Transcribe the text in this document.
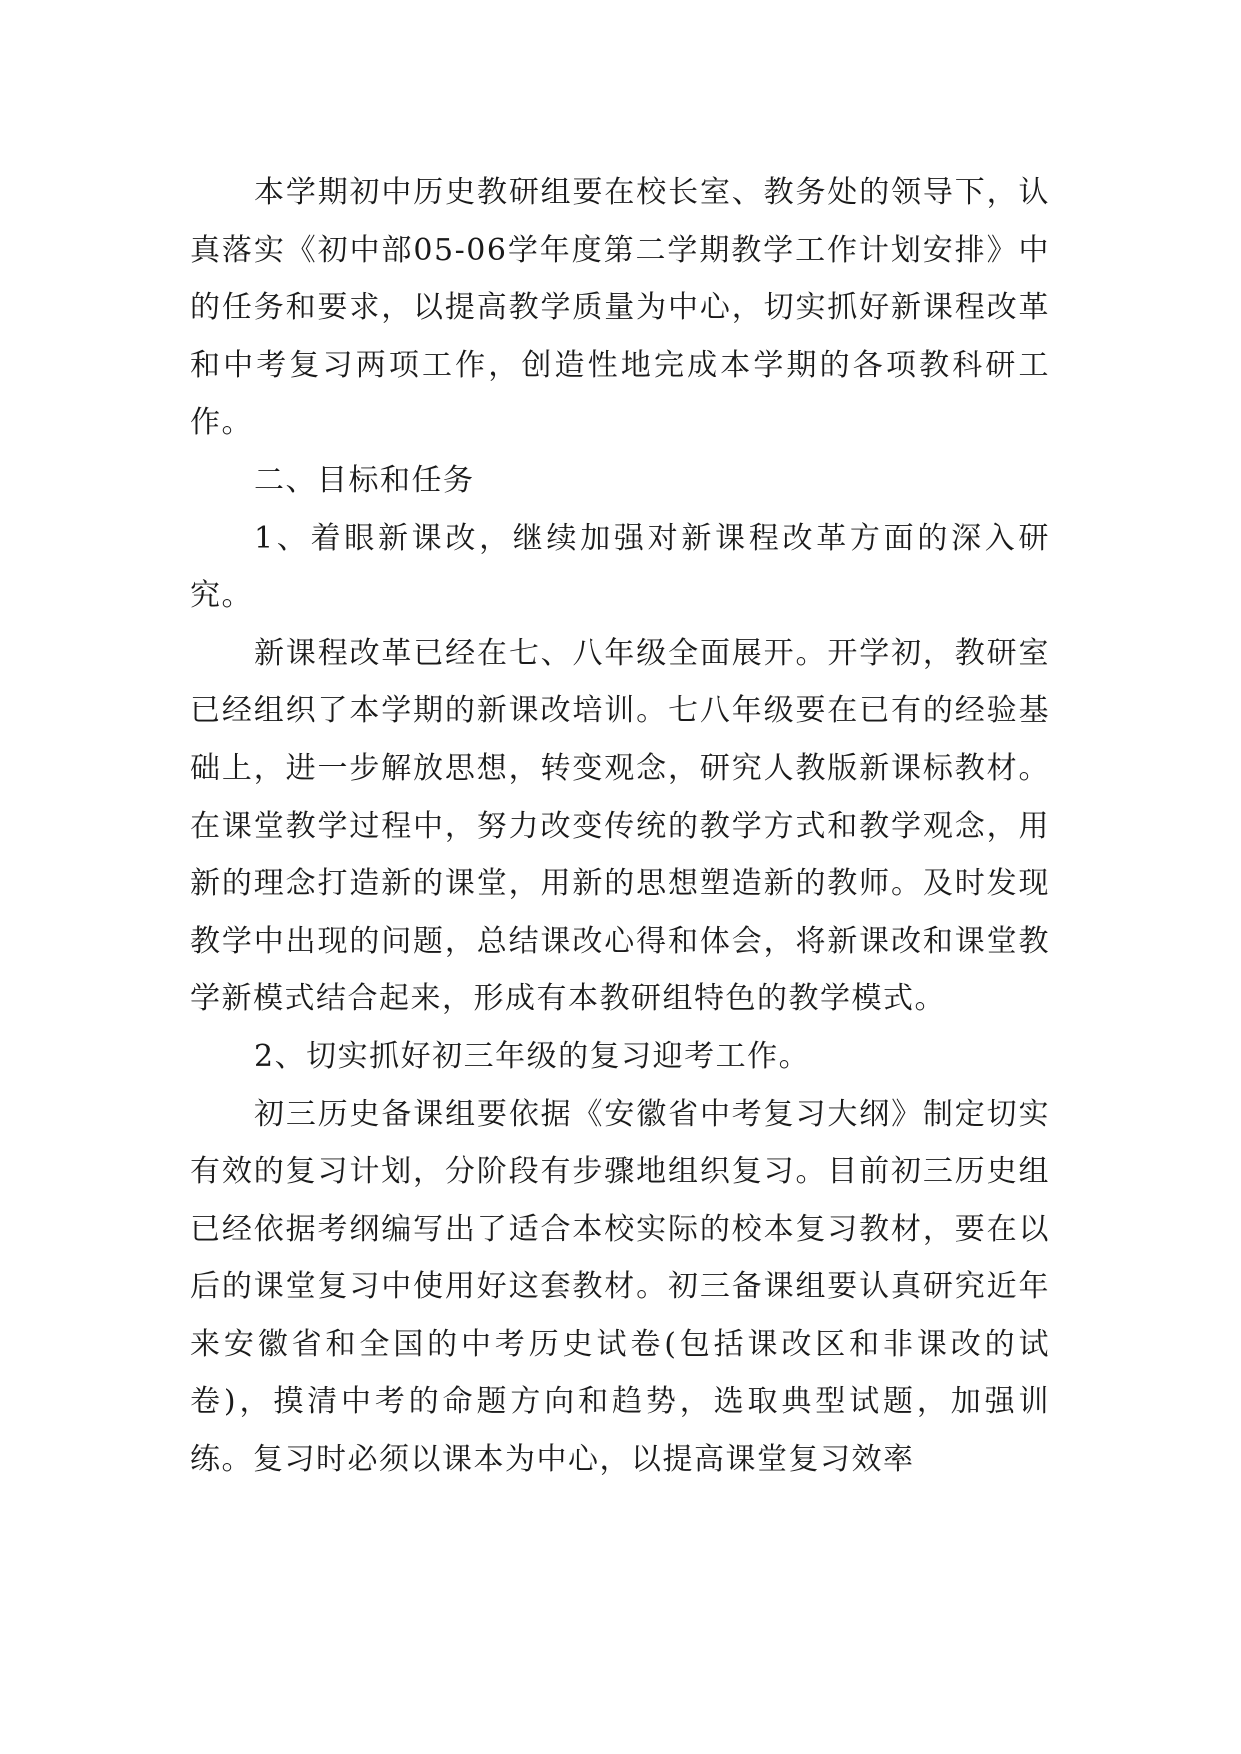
本学期初中历史教研组要在校长室、教务处的领导下，认真落实《初中部05-06学年度第二学期教学工作计划安排》中的任务和要求，以提高教学质量为中心，切实抓好新课程改革和中考复习两项工作，创造性地完成本学期的各项教科研工作。

二、目标和任务

1、着眼新课改，继续加强对新课程改革方面的深入研究。

新课程改革已经在七、八年级全面展开。开学初，教研室已经组织了本学期的新课改培训。七八年级要在已有的经验基础上，进一步解放思想，转变观念，研究人教版新课标教材。在课堂教学过程中，努力改变传统的教学方式和教学观念，用新的理念打造新的课堂，用新的思想塑造新的教师。及时发现教学中出现的问题，总结课改心得和体会，将新课改和课堂教学新模式结合起来，形成有本教研组特色的教学模式。

2、切实抓好初三年级的复习迎考工作。

初三历史备课组要依据《安徽省中考复习大纲》制定切实有效的复习计划，分阶段有步骤地组织复习。目前初三历史组已经依据考纲编写出了适合本校实际的校本复习教材，要在以后的课堂复习中使用好这套教材。初三备课组要认真研究近年来安徽省和全国的中考历史试卷(包括课改区和非课改的试卷)，摸清中考的命题方向和趋势，选取典型试题，加强训练。复习时必须以课本为中心，以提高课堂复习效率
